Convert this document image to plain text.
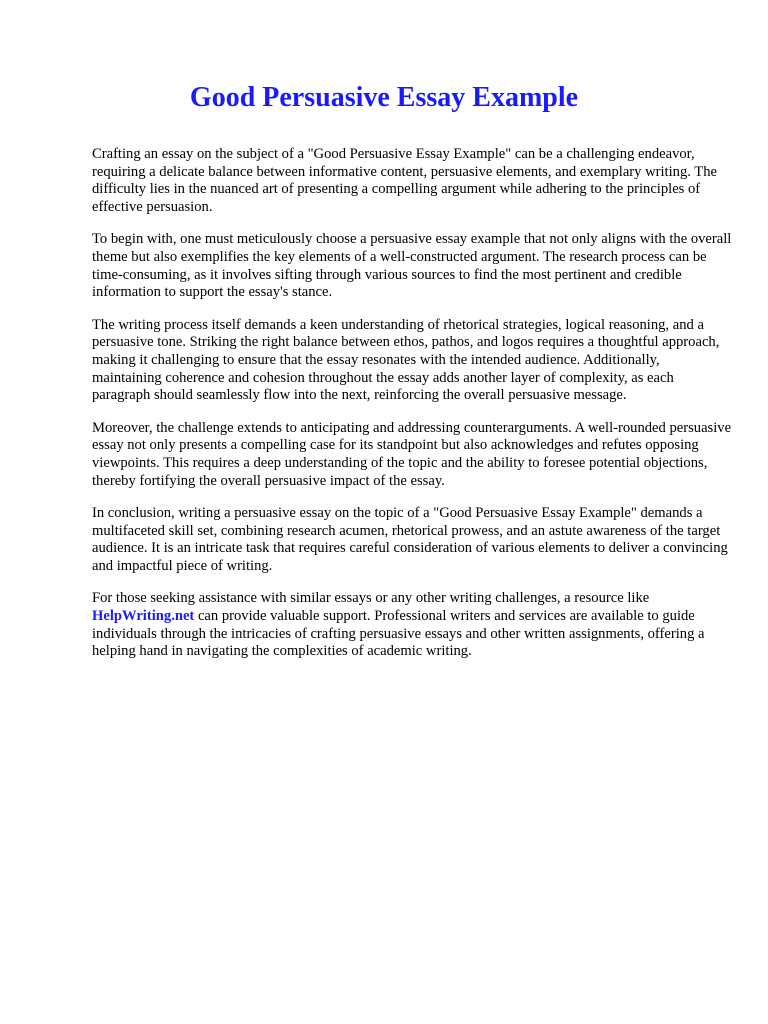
Good Persuasive Essay Example

Crafting an essay on the subject of a "Good Persuasive Essay Example" can be a challenging endeavor, requiring a delicate balance between informative content, persuasive elements, and exemplary writing. The difficulty lies in the nuanced art of presenting a compelling argument while adhering to the principles of effective persuasion.

To begin with, one must meticulously choose a persuasive essay example that not only aligns with the overall theme but also exemplifies the key elements of a well-constructed argument. The research process can be time-consuming, as it involves sifting through various sources to find the most pertinent and credible information to support the essay's stance.

The writing process itself demands a keen understanding of rhetorical strategies, logical reasoning, and a persuasive tone. Striking the right balance between ethos, pathos, and logos requires a thoughtful approach, making it challenging to ensure that the essay resonates with the intended audience. Additionally, maintaining coherence and cohesion throughout the essay adds another layer of complexity, as each paragraph should seamlessly flow into the next, reinforcing the overall persuasive message.

Moreover, the challenge extends to anticipating and addressing counterarguments. A well-rounded persuasive essay not only presents a compelling case for its standpoint but also acknowledges and refutes opposing viewpoints. This requires a deep understanding of the topic and the ability to foresee potential objections, thereby fortifying the overall persuasive impact of the essay.

In conclusion, writing a persuasive essay on the topic of a "Good Persuasive Essay Example" demands a multifaceted skill set, combining research acumen, rhetorical prowess, and an astute awareness of the target audience. It is an intricate task that requires careful consideration of various elements to deliver a convincing and impactful piece of writing.

For those seeking assistance with similar essays or any other writing challenges, a resource like HelpWriting.net can provide valuable support. Professional writers and services are available to guide individuals through the intricacies of crafting persuasive essays and other written assignments, offering a helping hand in navigating the complexities of academic writing.
